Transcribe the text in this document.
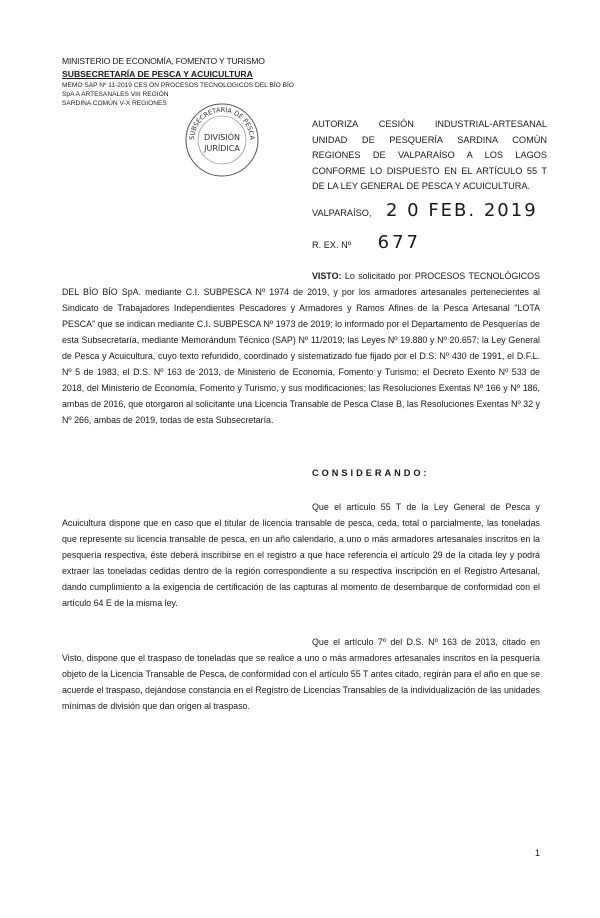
MINISTERIO DE ECONOMÍA, FOMENTO Y TURISMO
SUBSECRETARÍA DE PESCA Y ACUICULTURA
MEMO SAP Nº 11-2019 CES ÓN PROCESOS TECNOLOGICOS DEL BÍO BÍO
SpA A ARTESANALES VIII REGIÓN
SARDINA COMÚN V-X REGIONES
SUBSECRETARÍA DE PESCA
DIVISIÓN
JURÍDICA
AUTORIZA CESIÓN INDUSTRIAL-ARTESANAL UNIDAD DE PESQUERÍA SARDINA COMÚN REGIONES DE VALPARAÍSO A LOS LAGOS CONFORME LO DISPUESTO EN EL ARTÍCULO 55 T DE LA LEY GENERAL DE PESCA Y ACUICULTURA.
VALPARAÍSO, 2 0 FEB. 2019
R. EX. Nº 677
VISTO: Lo solicitado por PROCESOS TECNOLÓGICOS DEL BÍO BÍO SpA. mediante C.I. SUBPESCA Nº 1974 de 2019, y por los armadores artesanales pertenecientes al Sindicato de Trabajadores Independientes Pescadores y Armadores y Ramos Afines de la Pesca Artesanal "LOTA PESCA" que se indican mediante C.I. SUBPESCA Nº 1973 de 2019; lo informado por el Departamento de Pesquerías de esta Subsecretaría, mediante Memorándum Técnico (SAP) Nº 11/2019; las Leyes Nº 19.880 y Nº 20.657; la Ley General de Pesca y Acuicultura, cuyo texto refundido, coordinado y sistematizado fue fijado por el D.S. Nº 430 de 1991, el D.F.L. Nº 5 de 1983, el D.S. Nº 163 de 2013, de Ministerio de Economía, Fomento y Turismo; el Decreto Exento Nº 533 de 2018, del Ministerio de Economía, Fomento y Turismo, y sus modificaciones; las Resoluciones Exentas Nº 166 y Nº 186, ambas de 2016, que otorgaron al solicitante una Licencia Transable de Pesca Clase B, las Resoluciones Exentas Nº 32 y Nº 266, ambas de 2019, todas de esta Subsecretaría.
CONSIDERANDO:
Que el artículo 55 T de la Ley General de Pesca y Acuicultura dispone que en caso que el titular de licencia transable de pesca, ceda, total o parcialmente, las toneladas que represente su licencia transable de pesca, en un año calendario, a uno o más armadores artesanales inscritos en la pesquería respectiva, éste deberá inscribirse en el registro a que hace referencia el artículo 29 de la citada ley y podrá extraer las toneladas cedidas dentro de la región correspondiente a su respectiva inscripción en el Registro Artesanal, dando cumplimiento a la exigencia de certificación de las capturas al momento de desembarque de conformidad con el artículo 64 E de la misma ley.
Que el artículo 7º del D.S. Nº 163 de 2013, citado en Visto, dispone que el traspaso de toneladas que se realice a uno o más armadores artesanales inscritos en la pesquería objeto de la Licencia Transable de Pesca, de conformidad con el artículo 55 T antes citado, regirán para el año en que se acuerde el traspaso, dejándose constancia en el Registro de Licencias Transables de la individualización de las unidades mínimas de división que dan origen al traspaso.
1
